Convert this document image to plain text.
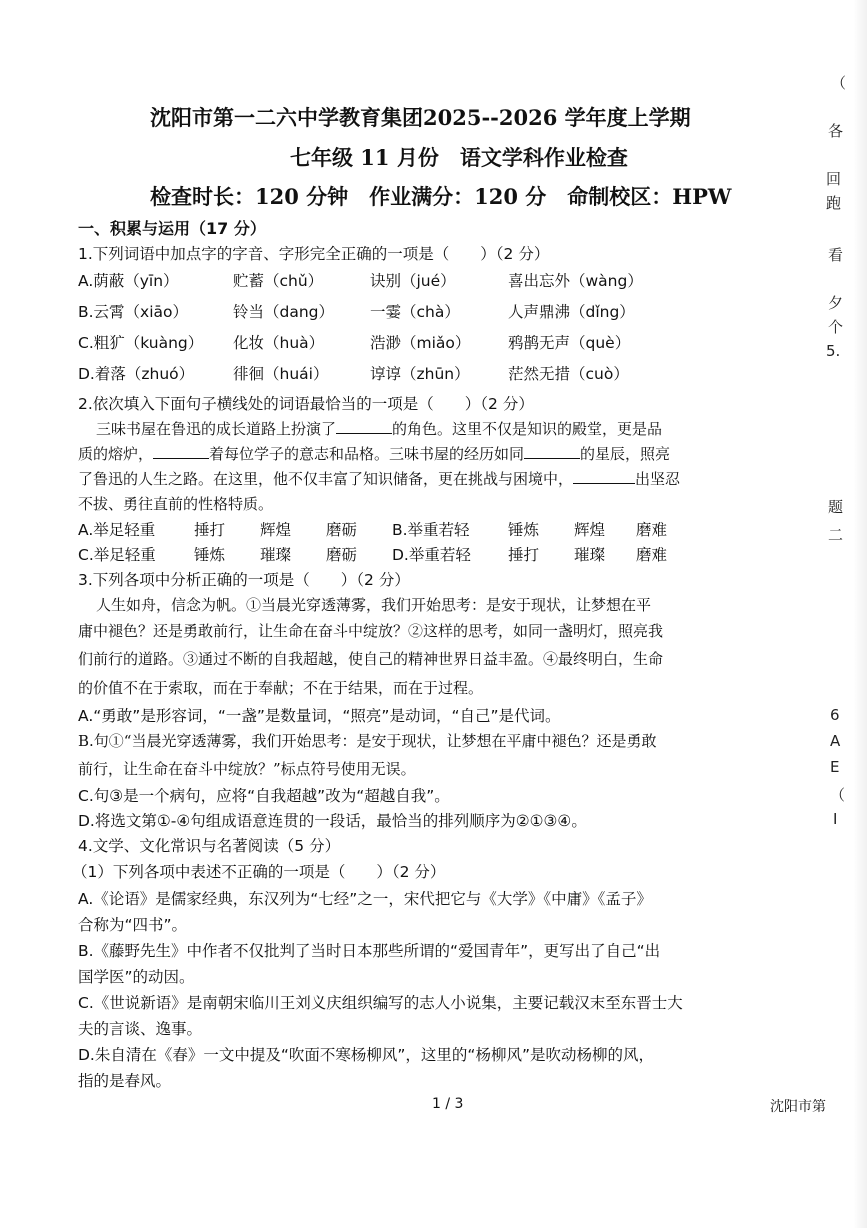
沈阳市第一二六中学教育集团2025--2026 学年度上学期
七年级 11 月份　语文学科作业检查
检查时长：120 分钟　作业满分：120 分　命制校区：HPW
一、积累与运用（17 分）
1.下列词语中加点字的字音、字形完全正确的一项是（　　）（2 分）
A.荫蔽（yīn）	贮蓄（chǔ）	诀别（jué）	喜出忘外（wàng）
B.云霄（xiāo）	铃当（dang） 一霎（chà）	人声鼎沸（dǐng）
C.粗犷（kuàng） 化妆（huà）	浩渺（miǎo） 鸦鹊无声（què）
D.着落（zhuó）	徘徊（huái）	谆谆（zhūn） 茫然无措（cuò）
2.依次填入下面句子横线处的词语最恰当的一项是（　　）（2 分）
三味书屋在鲁迅的成长道路上扮演了	的角色。这里不仅是知识的殿堂，更是品
质的熔炉，	着每位学子的意志和品格。三味书屋的经历如同	的星辰，照亮
了鲁迅的人生之路。在这里，他不仅丰富了知识储备，更在挑战与困境中，	出坚忍
不拔、勇往直前的性格特质。
A.举足轻重 捶打 辉煌 磨砺 B.举重若轻 锤炼 辉煌 磨难
C.举足轻重 锤炼 璀璨 磨砺 D.举重若轻 捶打 璀璨 磨难
3.下列各项中分析正确的一项是（　　）（2 分）
人生如舟，信念为帆。①当晨光穿透薄雾，我们开始思考：是安于现状，让梦想在平
庸中褪色？还是勇敢前行，让生命在奋斗中绽放？②这样的思考，如同一盏明灯，照亮我
们前行的道路。③通过不断的自我超越，使自己的精神世界日益丰盈。④最终明白，生命
的价值不在于索取，而在于奉献；不在于结果，而在于过程。
A.“勇敢”是形容词，“一盏”是数量词，“照亮”是动词，“自己”是代词。
B.句①“当晨光穿透薄雾，我们开始思考：是安于现状，让梦想在平庸中褪色？还是勇敢
前行，让生命在奋斗中绽放？”标点符号使用无误。
C.句③是一个病句，应将“自我超越”改为“超越自我”。
D.将选文第①-④句组成语意连贯的一段话，最恰当的排列顺序为②①③④。
4.文学、文化常识与名著阅读（5 分）
（1）下列各项中表述不正确的一项是（　　）（2 分）
A.《论语》是儒家经典，东汉列为“七经”之一，宋代把它与《大学》《中庸》《孟子》
合称为“四书”。
B.《藤野先生》中作者不仅批判了当时日本那些所谓的“爱国青年”，更写出了自己“出
国学医”的动因。
C.《世说新语》是南朝宋临川王刘义庆组织编写的志人小说集，主要记载汉末至东晋士大
夫的言谈、逸事。
D.朱自清在《春》一文中提及“吹面不寒杨柳风”，这里的“杨柳风”是吹动杨柳的风，
指的是春风。
1 / 3	沈阳市第
（
各
回
跑
看
夕
个
5.
题
二
6
A
E
（
I
